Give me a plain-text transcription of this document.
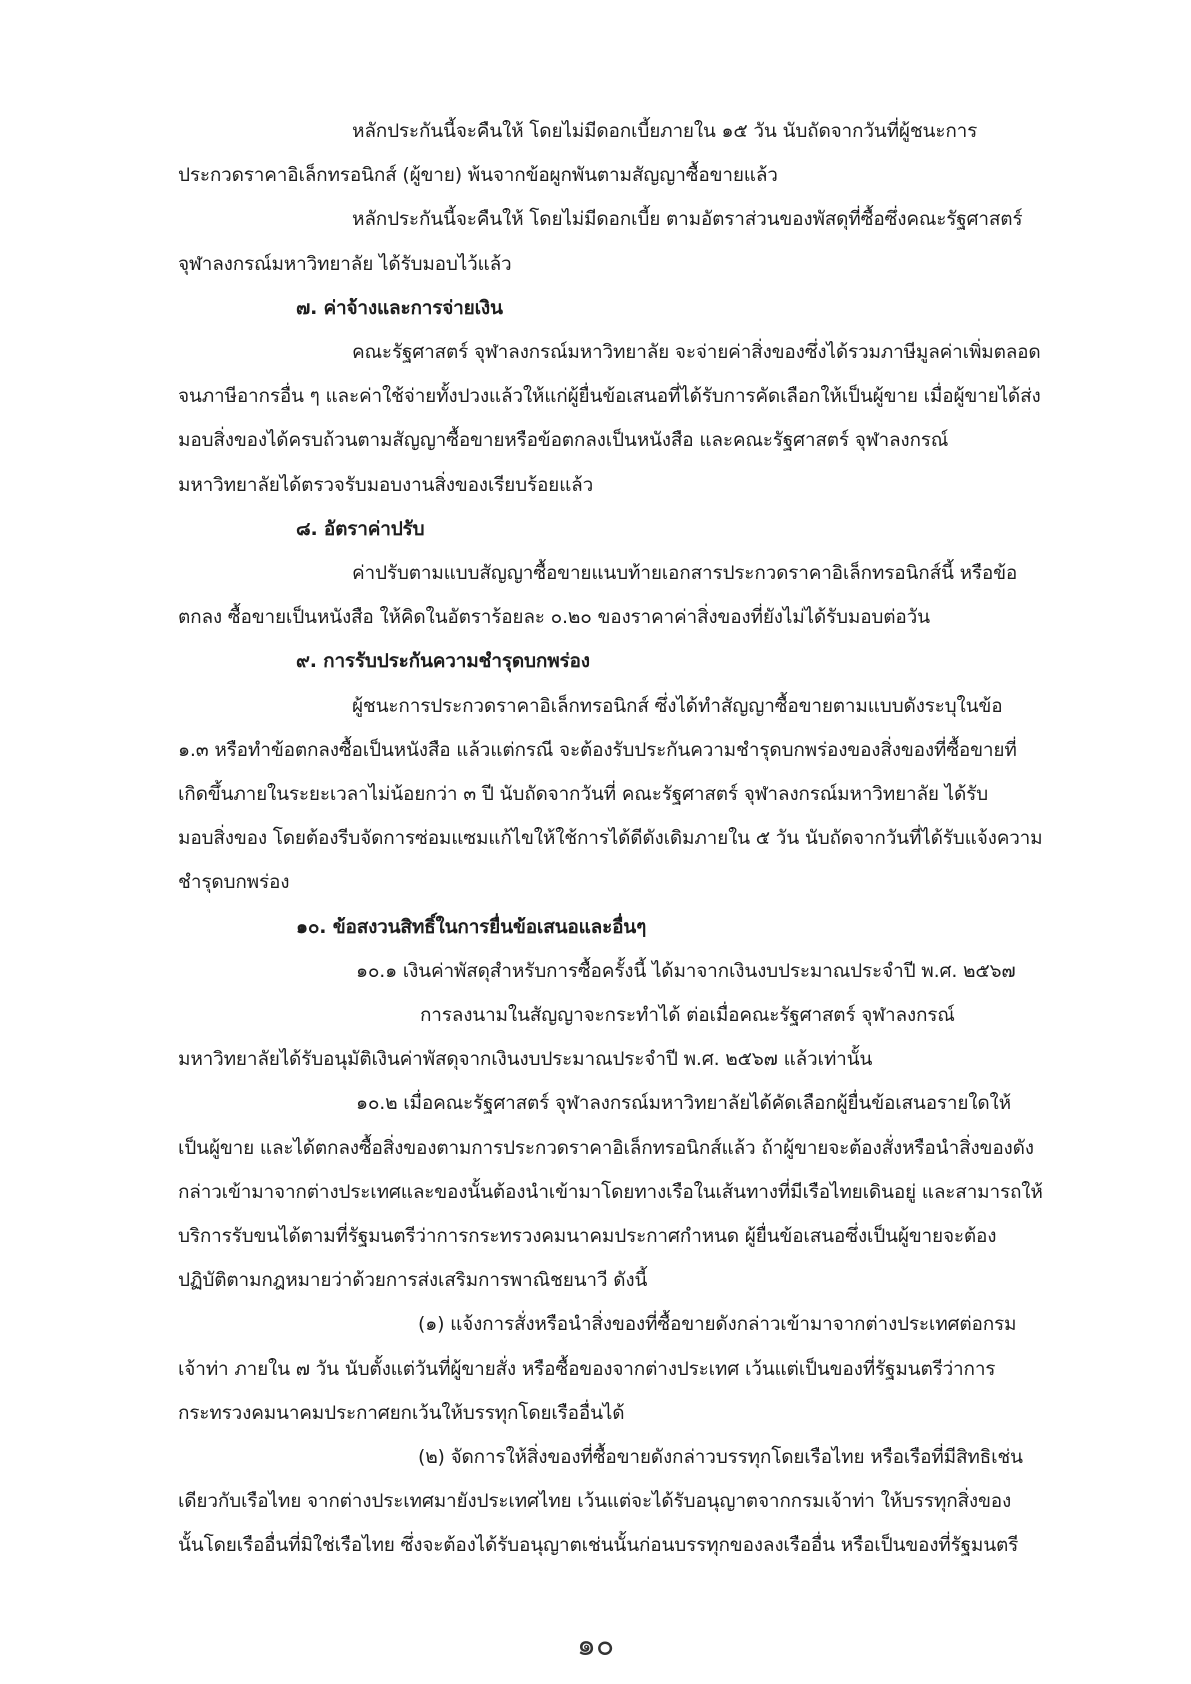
หลักประกันนี้จะคืนให้ โดยไม่มีดอกเบี้ยภายใน ๑๕ วัน นับถัดจากวันที่ผู้ชนะการ
ประกวดราคาอิเล็กทรอนิกส์ (ผู้ขาย) พ้นจากข้อผูกพันตามสัญญาซื้อขายแล้ว
หลักประกันนี้จะคืนให้ โดยไม่มีดอกเบี้ย ตามอัตราส่วนของพัสดุที่ซื้อซึ่งคณะรัฐศาสตร์
จุฬาลงกรณ์มหาวิทยาลัย ได้รับมอบไว้แล้ว
๗. ค่าจ้างและการจ่ายเงิน
คณะรัฐศาสตร์ จุฬาลงกรณ์มหาวิทยาลัย จะจ่ายค่าสิ่งของซึ่งได้รวมภาษีมูลค่าเพิ่มตลอด
จนภาษีอากรอื่น ๆ และค่าใช้จ่ายทั้งปวงแล้วให้แก่ผู้ยื่นข้อเสนอที่ได้รับการคัดเลือกให้เป็นผู้ขาย เมื่อผู้ขายได้ส่ง
มอบสิ่งของได้ครบถ้วนตามสัญญาซื้อขายหรือข้อตกลงเป็นหนังสือ และคณะรัฐศาสตร์ จุฬาลงกรณ์
มหาวิทยาลัยได้ตรวจรับมอบงานสิ่งของเรียบร้อยแล้ว
๘. อัตราค่าปรับ
ค่าปรับตามแบบสัญญาซื้อขายแนบท้ายเอกสารประกวดราคาอิเล็กทรอนิกส์นี้ หรือข้อ
ตกลง ซื้อขายเป็นหนังสือ ให้คิดในอัตราร้อยละ ๐.๒๐ ของราคาค่าสิ่งของที่ยังไม่ได้รับมอบต่อวัน
๙. การรับประกันความชำรุดบกพร่อง
ผู้ชนะการประกวดราคาอิเล็กทรอนิกส์ ซึ่งได้ทำสัญญาซื้อขายตามแบบดังระบุในข้อ
๑.๓ หรือทำข้อตกลงซื้อเป็นหนังสือ แล้วแต่กรณี จะต้องรับประกันความชำรุดบกพร่องของสิ่งของที่ซื้อขายที่
เกิดขึ้นภายในระยะเวลาไม่น้อยกว่า ๓ ปี นับถัดจากวันที่ คณะรัฐศาสตร์ จุฬาลงกรณ์มหาวิทยาลัย ได้รับ
มอบสิ่งของ โดยต้องรีบจัดการซ่อมแซมแก้ไขให้ใช้การได้ดีดังเดิมภายใน ๕ วัน นับถัดจากวันที่ได้รับแจ้งความ
ชำรุดบกพร่อง
๑๐. ข้อสงวนสิทธิ์ในการยื่นข้อเสนอและอื่นๆ
๑๐.๑ เงินค่าพัสดุสำหรับการซื้อครั้งนี้ ได้มาจากเงินงบประมาณประจำปี พ.ศ. ๒๕๖๗
การลงนามในสัญญาจะกระทำได้ ต่อเมื่อคณะรัฐศาสตร์ จุฬาลงกรณ์
มหาวิทยาลัยได้รับอนุมัติเงินค่าพัสดุจากเงินงบประมาณประจำปี พ.ศ. ๒๕๖๗ แล้วเท่านั้น
๑๐.๒ เมื่อคณะรัฐศาสตร์ จุฬาลงกรณ์มหาวิทยาลัยได้คัดเลือกผู้ยื่นข้อเสนอรายใดให้
เป็นผู้ขาย และได้ตกลงซื้อสิ่งของตามการประกวดราคาอิเล็กทรอนิกส์แล้ว ถ้าผู้ขายจะต้องสั่งหรือนำสิ่งของดัง
กล่าวเข้ามาจากต่างประเทศและของนั้นต้องนำเข้ามาโดยทางเรือในเส้นทางที่มีเรือไทยเดินอยู่ และสามารถให้
บริการรับขนได้ตามที่รัฐมนตรีว่าการกระทรวงคมนาคมประกาศกำหนด ผู้ยื่นข้อเสนอซึ่งเป็นผู้ขายจะต้อง
ปฏิบัติตามกฎหมายว่าด้วยการส่งเสริมการพาณิชยนาวี ดังนี้
(๑) แจ้งการสั่งหรือนำสิ่งของที่ซื้อขายดังกล่าวเข้ามาจากต่างประเทศต่อกรม
เจ้าท่า ภายใน ๗ วัน นับตั้งแต่วันที่ผู้ขายสั่ง หรือซื้อของจากต่างประเทศ เว้นแต่เป็นของที่รัฐมนตรีว่าการ
กระทรวงคมนาคมประกาศยกเว้นให้บรรทุกโดยเรืออื่นได้
(๒) จัดการให้สิ่งของที่ซื้อขายดังกล่าวบรรทุกโดยเรือไทย หรือเรือที่มีสิทธิเช่น
เดียวกับเรือไทย จากต่างประเทศมายังประเทศไทย เว้นแต่จะได้รับอนุญาตจากกรมเจ้าท่า ให้บรรทุกสิ่งของ
นั้นโดยเรืออื่นที่มิใช่เรือไทย ซึ่งจะต้องได้รับอนุญาตเช่นนั้นก่อนบรรทุกของลงเรืออื่น หรือเป็นของที่รัฐมนตรี
๑๐
